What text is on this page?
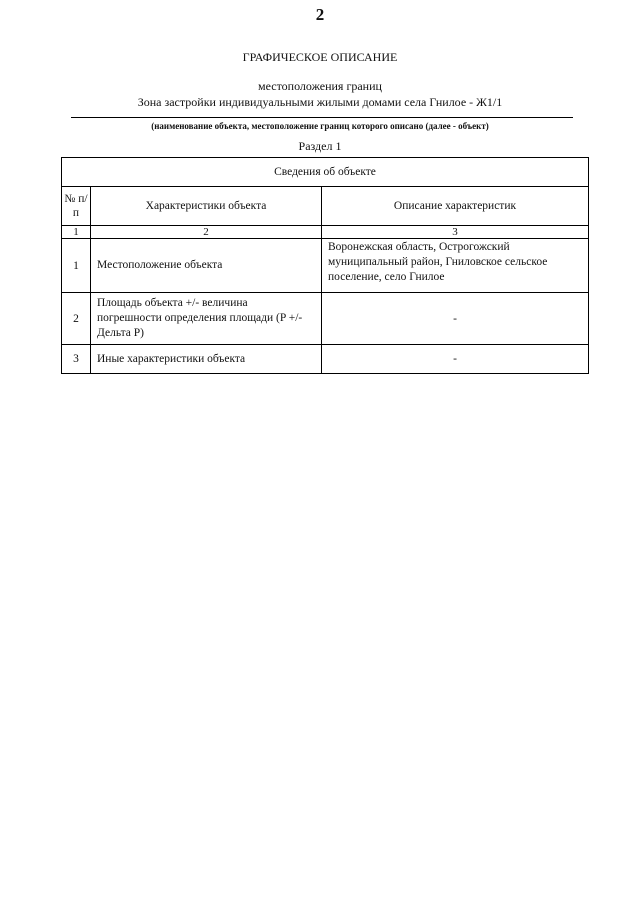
2
ГРАФИЧЕСКОЕ ОПИСАНИЕ
местоположения границ
Зона застройки индивидуальными жилыми домами села Гнилое - Ж1/1
(наименование объекта, местоположение границ которого описано (далее - объект)
Раздел 1
Сведения об объекте		
№ п/п	Характеристики объекта	Описание характеристик
1	2	3
1	Местоположение объекта	Воронежская область, Острогожский муниципальный район, Гниловское сельское поселение, село Гнилое
2	Площадь объекта +/- величина погрешности определения площади (P +/- Дельта P)	-
3	Иные характеристики объекта	-
